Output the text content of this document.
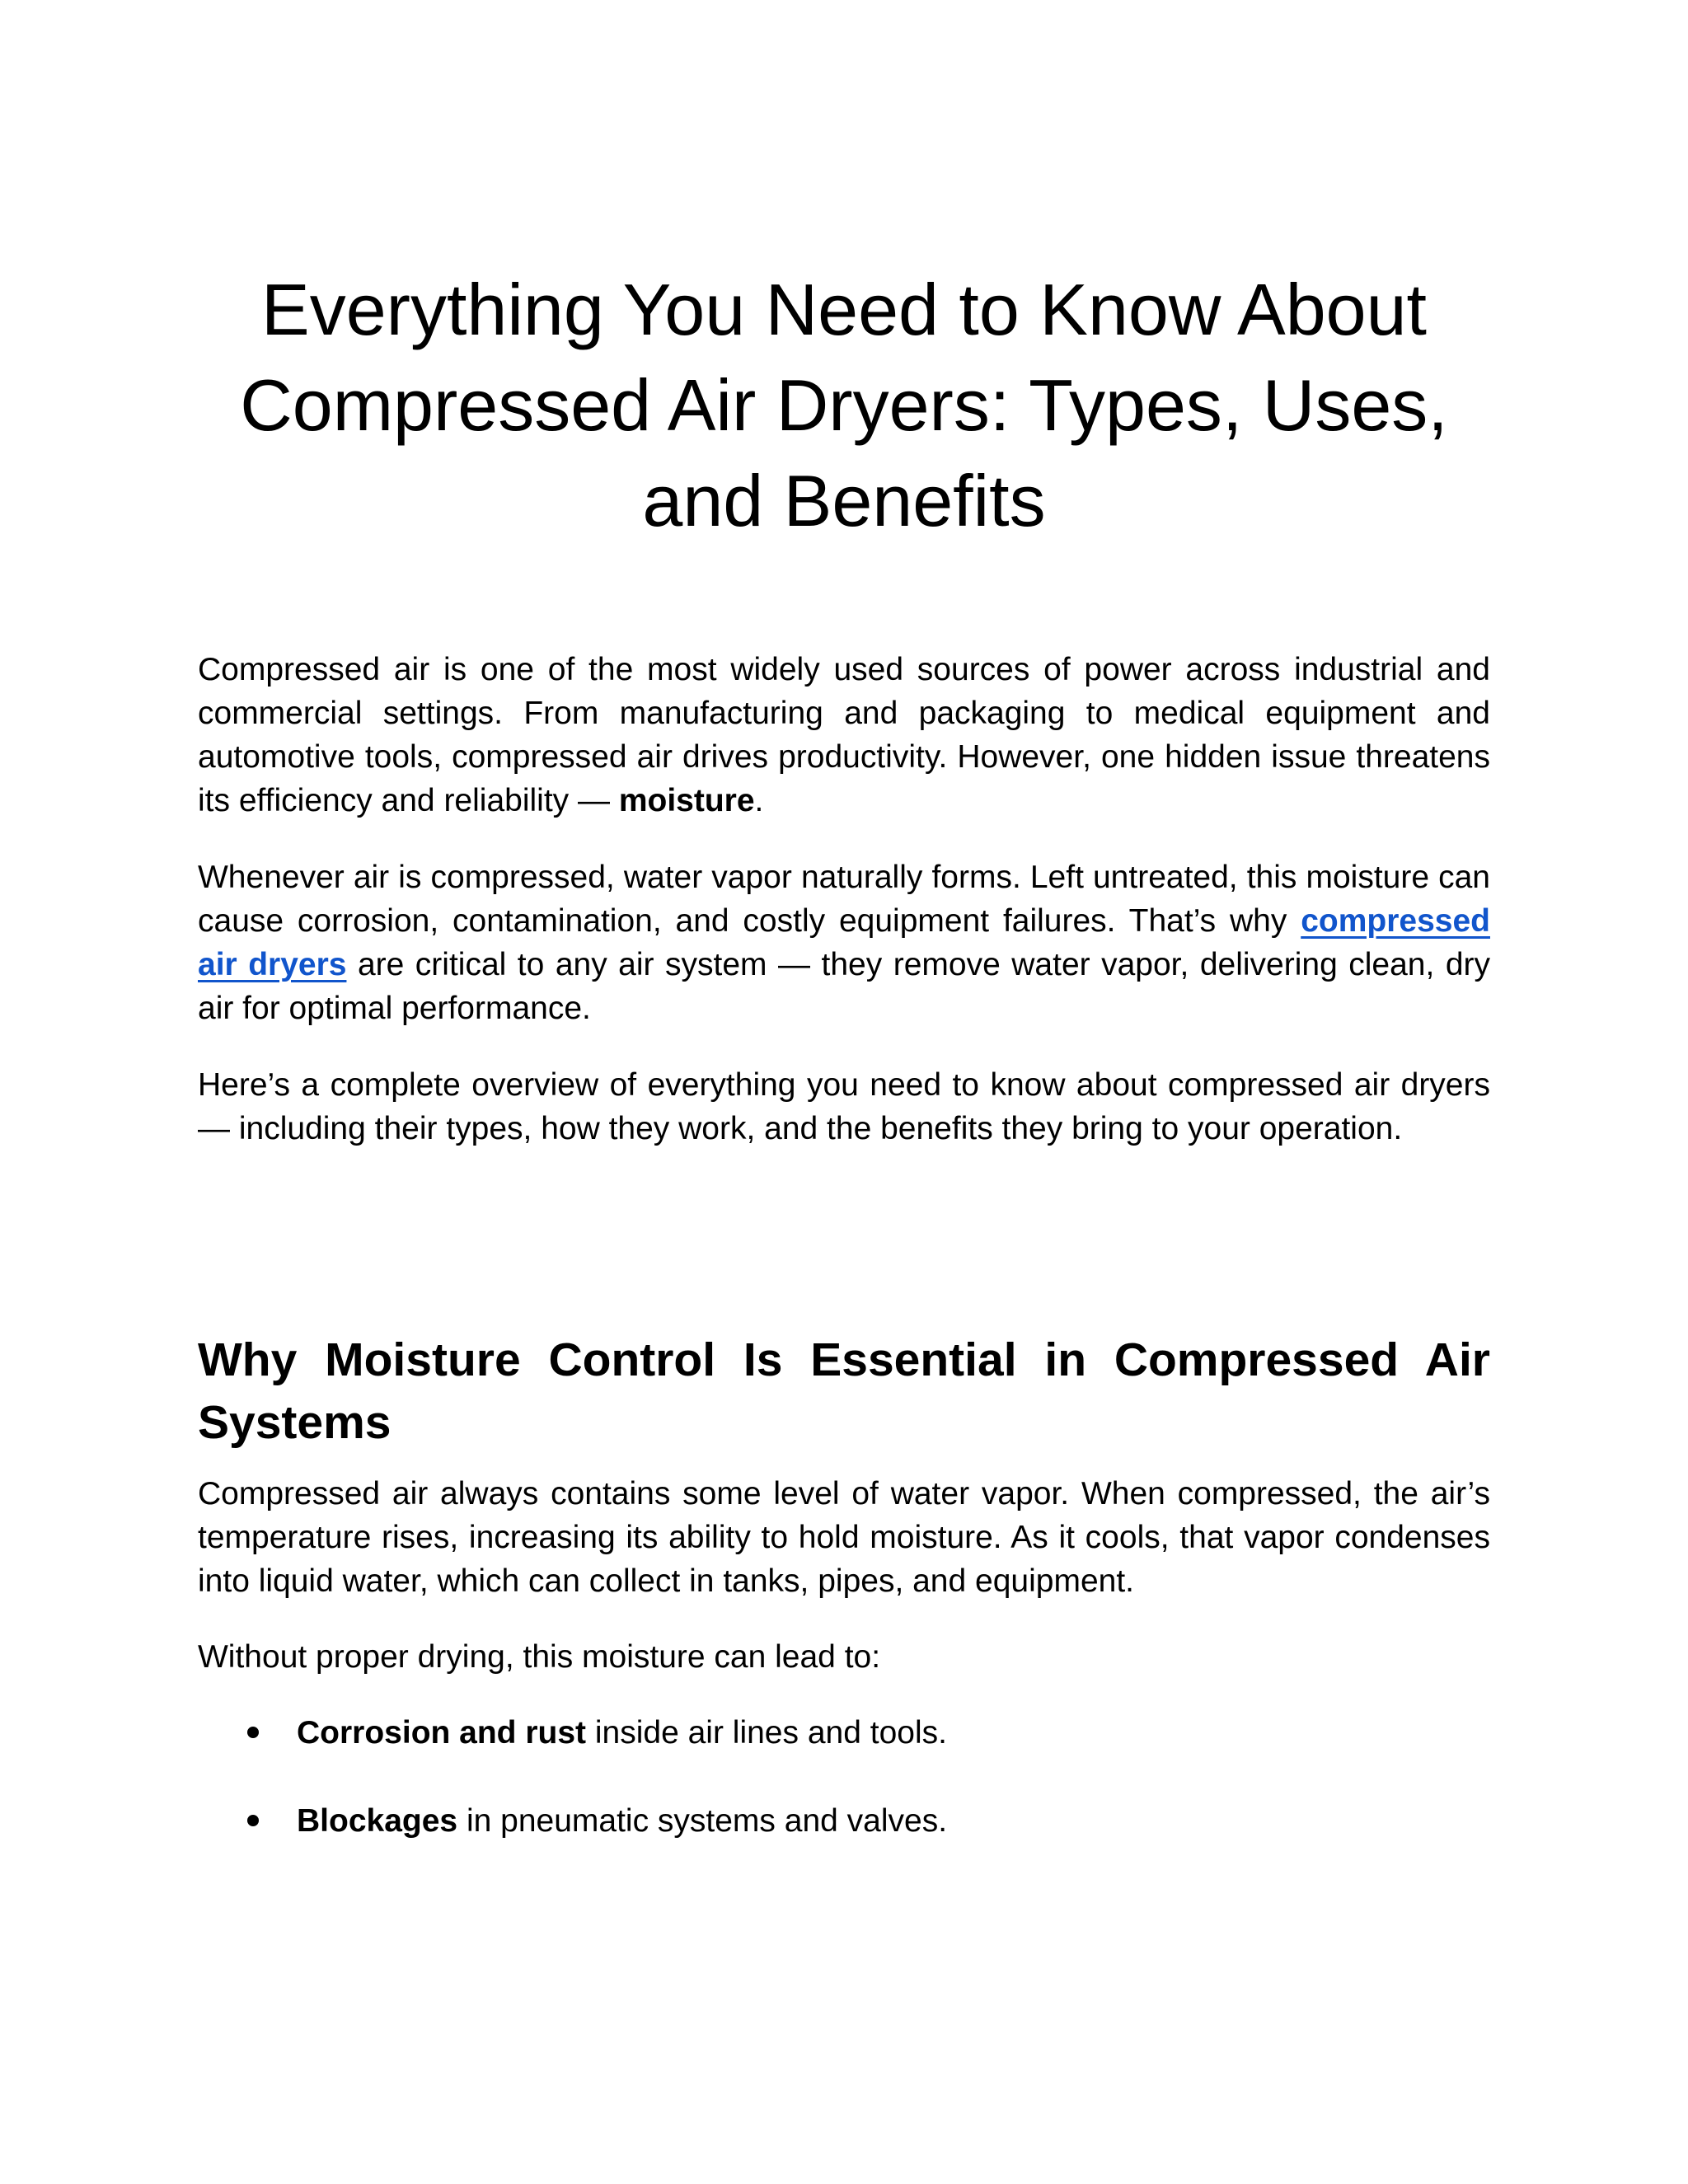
Everything You Need to Know About
Compressed Air Dryers: Types, Uses,
and Benefits

Compressed air is one of the most widely used sources of power across industrial and commercial settings. From manufacturing and packaging to medical equipment and automotive tools, compressed air drives productivity. However, one hidden issue threatens its efficiency and reliability — moisture.

Whenever air is compressed, water vapor naturally forms. Left untreated, this moisture can cause corrosion, contamination, and costly equipment failures. That’s why compressed air dryers are critical to any air system — they remove water vapor, delivering clean, dry air for optimal performance.

Here’s a complete overview of everything you need to know about compressed air dryers — including their types, how they work, and the benefits they bring to your operation.

Why Moisture Control Is Essential in Compressed Air Systems

Compressed air always contains some level of water vapor. When compressed, the air’s temperature rises, increasing its ability to hold moisture. As it cools, that vapor condenses into liquid water, which can collect in tanks, pipes, and equipment.

Without proper drying, this moisture can lead to:

Corrosion and rust inside air lines and tools.
Blockages in pneumatic systems and valves.
